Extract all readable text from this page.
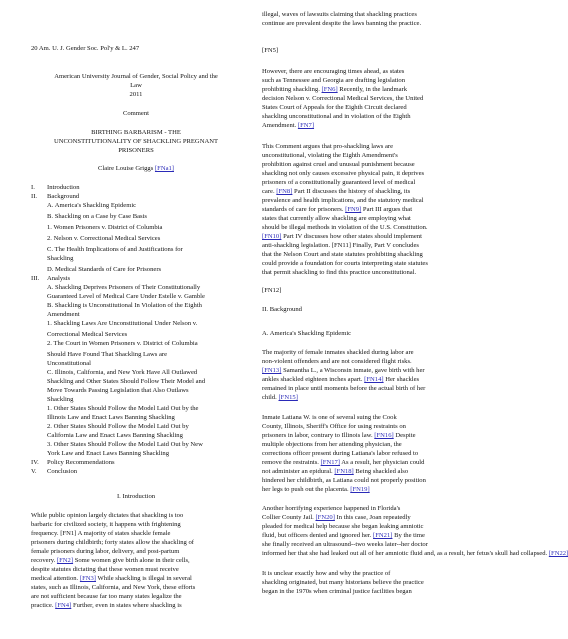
20 Am. U. J. Gender Soc. Pol'y & L. 247
American University Journal of Gender, Social Policy and the
Law
2011
Comment
BIRTHING BARBARISM - THE
UNCONSTITUTIONALITY OF SHACKLING PREGNANT
PRISONERS
Claire Louise Griggs [FNa1]
I. Introduction
II. Background
A. America's Shackling Epidemic
B. Shackling on a Case by Case Basis
1. Women Prisoners v. District of Columbia
2. Nelson v. Correctional Medical Services
C. The Health Implications of and Justifications for
Shackling
D. Medical Standards of Care for Prisoners
III. Analysis
A. Shackling Deprives Prisoners of Their Constitutionally
Guaranteed Level of Medical Care Under Estelle v. Gamble
B. Shackling is Unconstitutional In Violation of the Eighth
Amendment
1. Shackling Laws Are Unconstitutional Under Nelson v.
Correctional Medical Services
2. The Court in Women Prisoners v. District of Columbia
Should Have Found That Shackling Laws are
Unconstitutional
C. Illinois, California, and New York Have All Outlawed
Shackling and Other States Should Follow Their Model and
Move Towards Passing Legislation that Also Outlaws
Shackling
1. Other States Should Follow the Model Laid Out by the
Illinois Law and Enact Laws Banning Shackling
2. Other States Should Follow the Model Laid Out by
California Law and Enact Laws Banning Shackling
3. Other States Should Follow the Model Laid Out by New
York Law and Enact Laws Banning Shackling
IV. Policy Recommendations
V. Conclusion
I. Introduction
While public opinion largely dictates that shackling is too
barbaric for civilized society, it happens with frightening
frequency. [FN1] A majority of states shackle female
prisoners during childbirth; forty states allow the shackling of
female prisoners during labor, delivery, and post-partum
recovery. [FN2] Some women give birth alone in their cells,
despite statutes dictating that these women must receive
medical attention. [FN3] While shackling is illegal in several
states, such as Illinois, California, and New York, these efforts
are not sufficient because far too many states legalize the
practice. [FN4] Further, even in states where shackling is
illegal, waves of lawsuits claiming that shackling practices
continue are prevalent despite the laws banning the practice.
[FN5]
However, there are encouraging times ahead, as states
such as Tennessee and Georgia are drafting legislation
prohibiting shackling. [FN6] Recently, in the landmark
decision Nelson v. Correctional Medical Services, the United
States Court of Appeals for the Eighth Circuit declared
shackling unconstitutional and in violation of the Eighth
Amendment. [FN7]
This Comment argues that pro-shackling laws are
unconstitutional, violating the Eighth Amendment's
prohibition against cruel and unusual punishment because
shackling not only causes excessive physical pain, it deprives
prisoners of a constitutionally guaranteed level of medical
care. [FN8] Part II discusses the history of shackling, its
prevalence and health implications, and the statutory medical
standards of care for prisoners. [FN9] Part III argues that
states that currently allow shackling are employing what
should be illegal methods in violation of the U.S. Constitution.
[FN10] Part IV discusses how other states should implement
anti-shackling legislation. [FN11] Finally, Part V concludes
that the Nelson Court and state statutes prohibiting shackling
could provide a foundation for courts interpreting state statutes
that permit shackling to find this practice unconstitutional.
[FN12]
II. Background
A. America's Shackling Epidemic
The majority of female inmates shackled during labor are
non-violent offenders and are not considered flight risks.
[FN13] Samantha L., a Wisconsin inmate, gave birth with her
ankles shackled eighteen inches apart. [FN14] Her shackles
remained in place until moments before the actual birth of her
child. [FN15]
Inmate Latiana W. is one of several suing the Cook
County, Illinois, Sheriff's Office for using restraints on
prisoners in labor, contrary to Illinois law. [FN16] Despite
multiple objections from her attending physician, the
corrections officer present during Latiana's labor refused to
remove the restraints. [FN17] As a result, her physician could
not administer an epidural. [FN18] Being shackled also
hindered her childbirth, as Latiana could not properly position
her legs to push out the placenta. [FN19]
Another horrifying experience happened in Florida's
Collier County Jail. [FN20] In this case, Joan repeatedly
pleaded for medical help because she began leaking amniotic
fluid, but officers denied and ignored her. [FN21] By the time
she finally received an ultrasound--two weeks later--her doctor
informed her that she had leaked out all of her amniotic fluid and, as a result, her fetus's skull had collapsed. [FN22]
It is unclear exactly how and why the practice of
shackling originated, but many historians believe the practice
began in the 1970s when criminal justice facilities began
